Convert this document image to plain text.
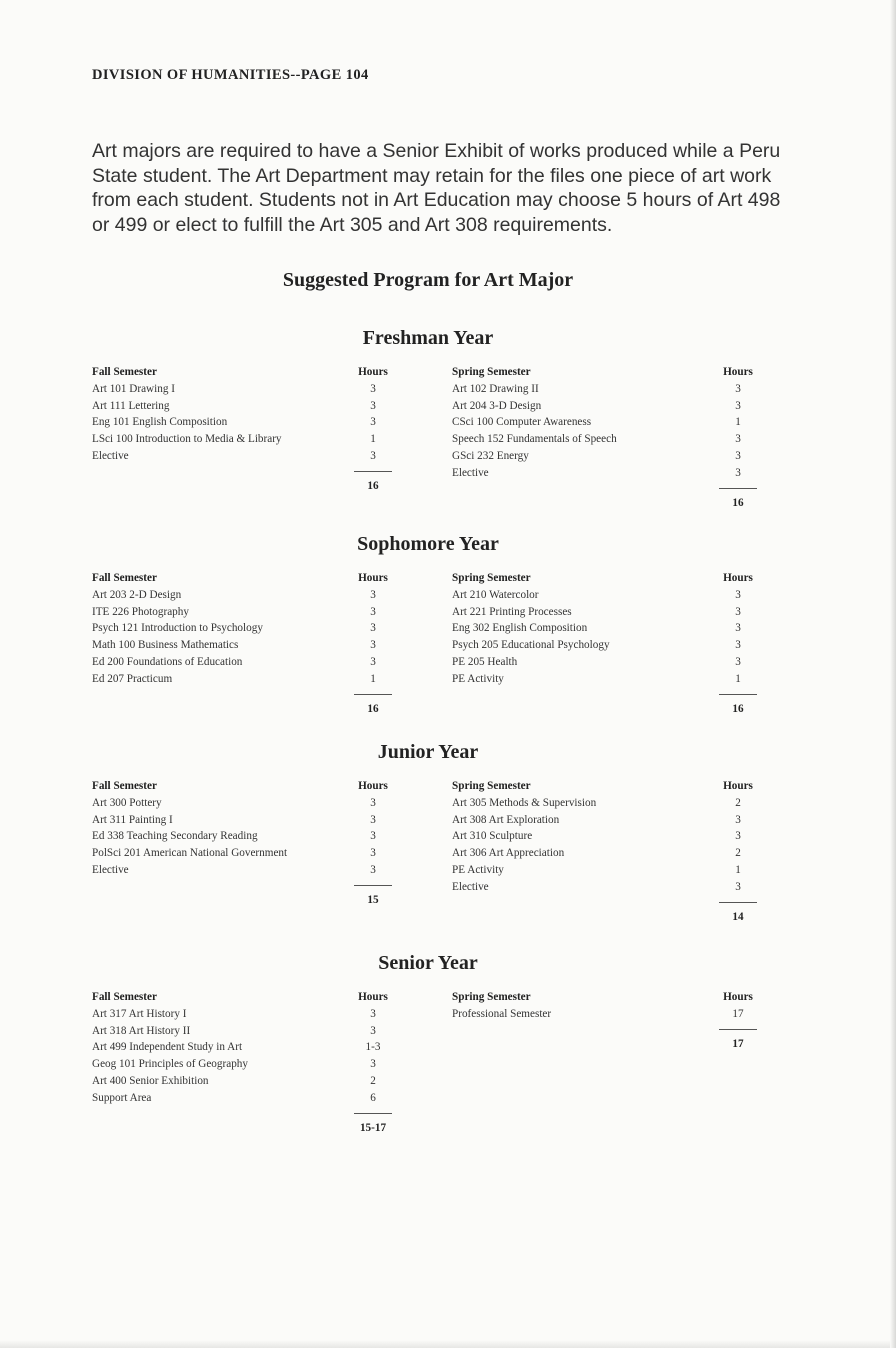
DIVISION OF HUMANITIES--PAGE 104

Art majors are required to have a Senior Exhibit of works produced while a Peru State student. The Art Department may retain for the files one piece of art work from each student. Students not in Art Education may choose 5 hours of Art 498 or 499 or elect to fulfill the Art 305 and Art 308 requirements.

Suggested Program for Art Major
Freshman Year
Fall Semester
Art 101 Drawing I
Art 111 Lettering
Eng 101 English Composition
LSci 100 Introduction to Media & Library
Elective
Hours
3
3
3
1
3
16
Spring Semester
Art 102 Drawing II
Art 204 3-D Design
CSci 100 Computer Awareness
Speech 152 Fundamentals of Speech
GSci 232 Energy
Elective
Hours
3
3
1
3
3
3
16
Sophomore Year
Fall Semester
Art 203 2-D Design
ITE 226 Photography
Psych 121 Introduction to Psychology
Math 100 Business Mathematics
Ed 200 Foundations of Education
Ed 207 Practicum
Hours
3
3
3
3
3
1
16
Spring Semester
Art 210 Watercolor
Art 221 Printing Processes
Eng 302 English Composition
Psych 205 Educational Psychology
PE 205 Health
PE Activity
Hours
3
3
3
3
3
1
16
Junior Year
Fall Semester
Art 300 Pottery
Art 311 Painting I
Ed 338 Teaching Secondary Reading
PolSci 201 American National Government
Elective
Hours
3
3
3
3
3
15
Spring Semester
Art 305 Methods & Supervision
Art 308 Art Exploration
Art 310 Sculpture
Art 306 Art Appreciation
PE Activity
Elective
Hours
2
3
3
2
1
3
14
Senior Year
Fall Semester
Art 317 Art History I
Art 318 Art History II
Art 499 Independent Study in Art
Geog 101 Principles of Geography
Art 400 Senior Exhibition
Support Area
Hours
3
3
1-3
3
2
6
15-17
Spring Semester
Professional Semester
Hours
17
17
